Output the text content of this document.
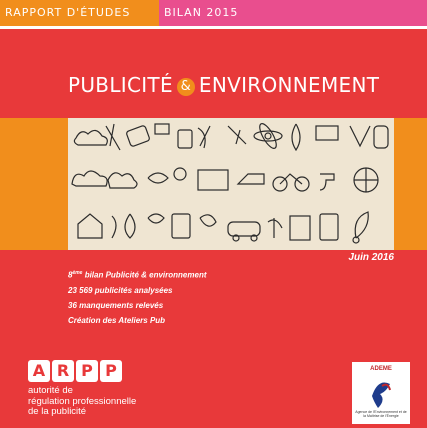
RAPPORT D'ÉTUDES	BILAN 2015
PUBLICITÉ & ENVIRONNEMENT
Juin 2016
8ème bilan Publicité & environnement
23 569 publicités analysées
36 manquements relevés
Création des Ateliers Pub
A R P P
autorité de
régulation professionnelle
de la publicité
ADEME
Agence de l'Environnement et de la Maîtrise de l'Énergie
